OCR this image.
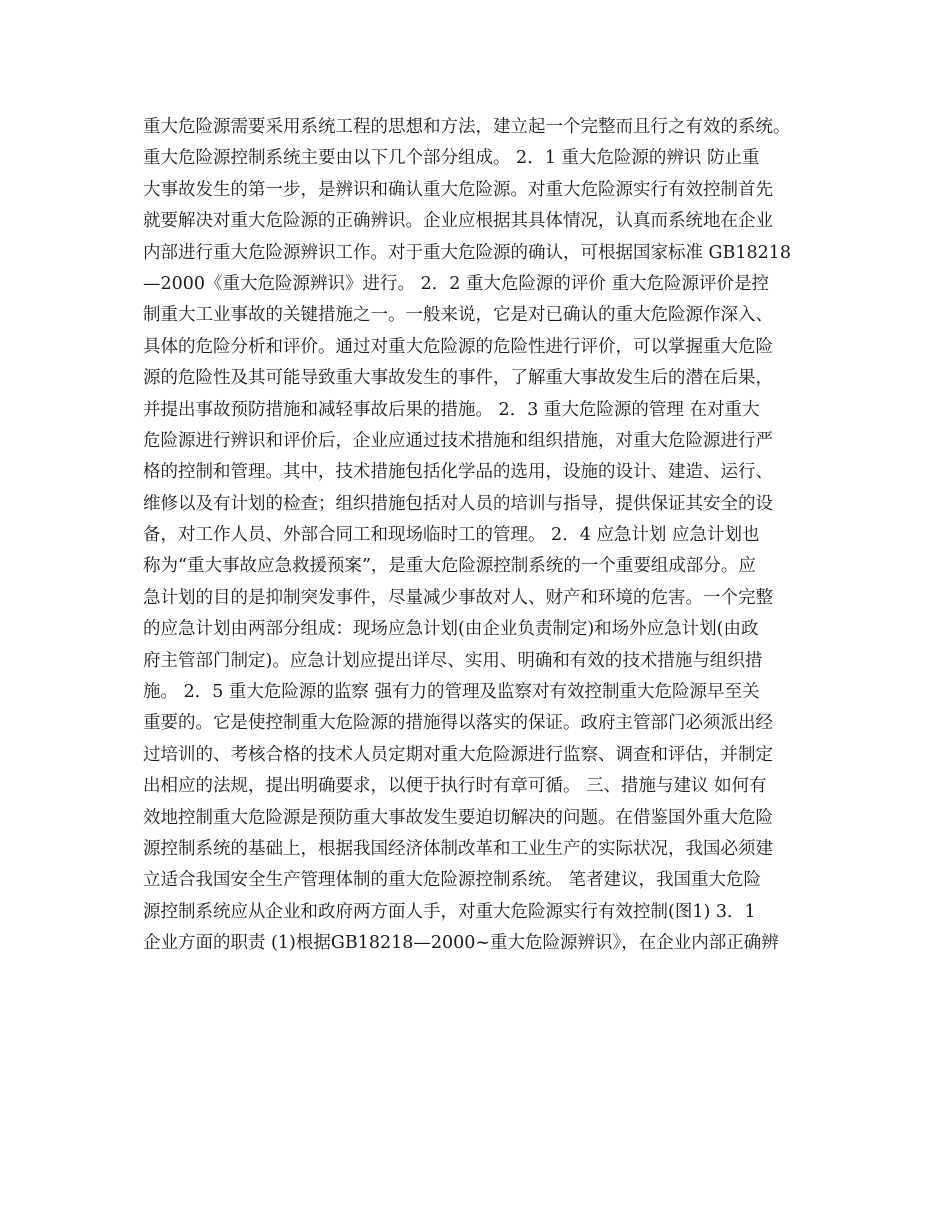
重大危险源需要采用系统工程的思想和方法，建立起一个完整而且行之有效的系统。
重大危险源控制系统主要由以下几个部分组成。 2．1 重大危险源的辨识 防止重
大事故发生的第一步，是辨识和确认重大危险源。对重大危险源实行有效控制首先
就要解决对重大危险源的正确辨识。企业应根据其具体情况，认真而系统地在企业
内部进行重大危险源辨识工作。对于重大危险源的确认，可根据国家标准 GB18218
—2000《重大危险源辨识》进行。 2．2 重大危险源的评价 重大危险源评价是控
制重大工业事故的关键措施之一。一般来说，它是对已确认的重大危险源作深入、
具体的危险分析和评价。通过对重大危险源的危险性进行评价，可以掌握重大危险
源的危险性及其可能导致重大事故发生的事件，了解重大事故发生后的潜在后果，
并提出事故预防措施和减轻事故后果的措施。 2．3 重大危险源的管理 在对重大
危险源进行辨识和评价后，企业应通过技术措施和组织措施，对重大危险源进行严
格的控制和管理。其中，技术措施包括化学品的选用，设施的设计、建造、运行、
维修以及有计划的检查；组织措施包括对人员的培训与指导，提供保证其安全的设
备，对工作人员、外部合同工和现场临时工的管理。 2．4 应急计划 应急计划也
称为“重大事故应急救援预案”，是重大危险源控制系统的一个重要组成部分。应
急计划的目的是抑制突发事件，尽量减少事故对人、财产和环境的危害。一个完整
的应急计划由两部分组成：现场应急计划(由企业负责制定)和场外应急计划(由政
府主管部门制定)。应急计划应提出详尽、实用、明确和有效的技术措施与组织措
施。 2．5 重大危险源的监察 强有力的管理及监察对有效控制重大危险源早至关
重要的。它是使控制重大危险源的措施得以落实的保证。政府主管部门必须派出经
过培训的、考核合格的技术人员定期对重大危险源进行监察、调查和评估，并制定
出相应的法规，提出明确要求，以便于执行时有章可循。 三、措施与建议 如何有
效地控制重大危险源是预防重大事故发生要迫切解决的问题。在借鉴国外重大危险
源控制系统的基础上，根据我国经济体制改革和工业生产的实际状况，我国必须建
立适合我国安全生产管理体制的重大危险源控制系统。 笔者建议，我国重大危险
源控制系统应从企业和政府两方面人手，对重大危险源实行有效控制(图1) 3．1
企业方面的职责 (1)根据GB18218—2000~重大危险源辨识》，在企业内部正确辨
